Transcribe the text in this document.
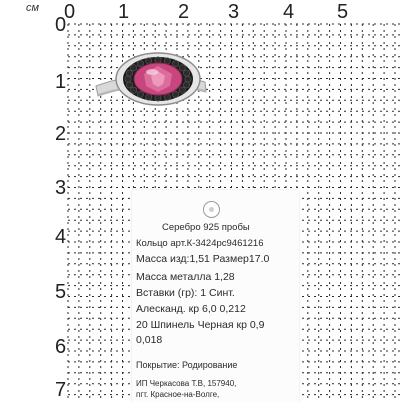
см 0 1 2 3 4 5
0
1
2
3
4
5
6
7
Серебро 925 пробы
Кольцо арт.К-3424рс9461216
Масса изд:1,51 Размер17.0
Масса металла 1,28
Вставки (гр): 1 Синт.
Алесканд. кр 6,0 0,212
20 Шпинель Черная кр 0,9
0,018
Покрытие: Родирование
ИП Черкасова Т.В, 157940,
пгт. Красное-на-Волге,
